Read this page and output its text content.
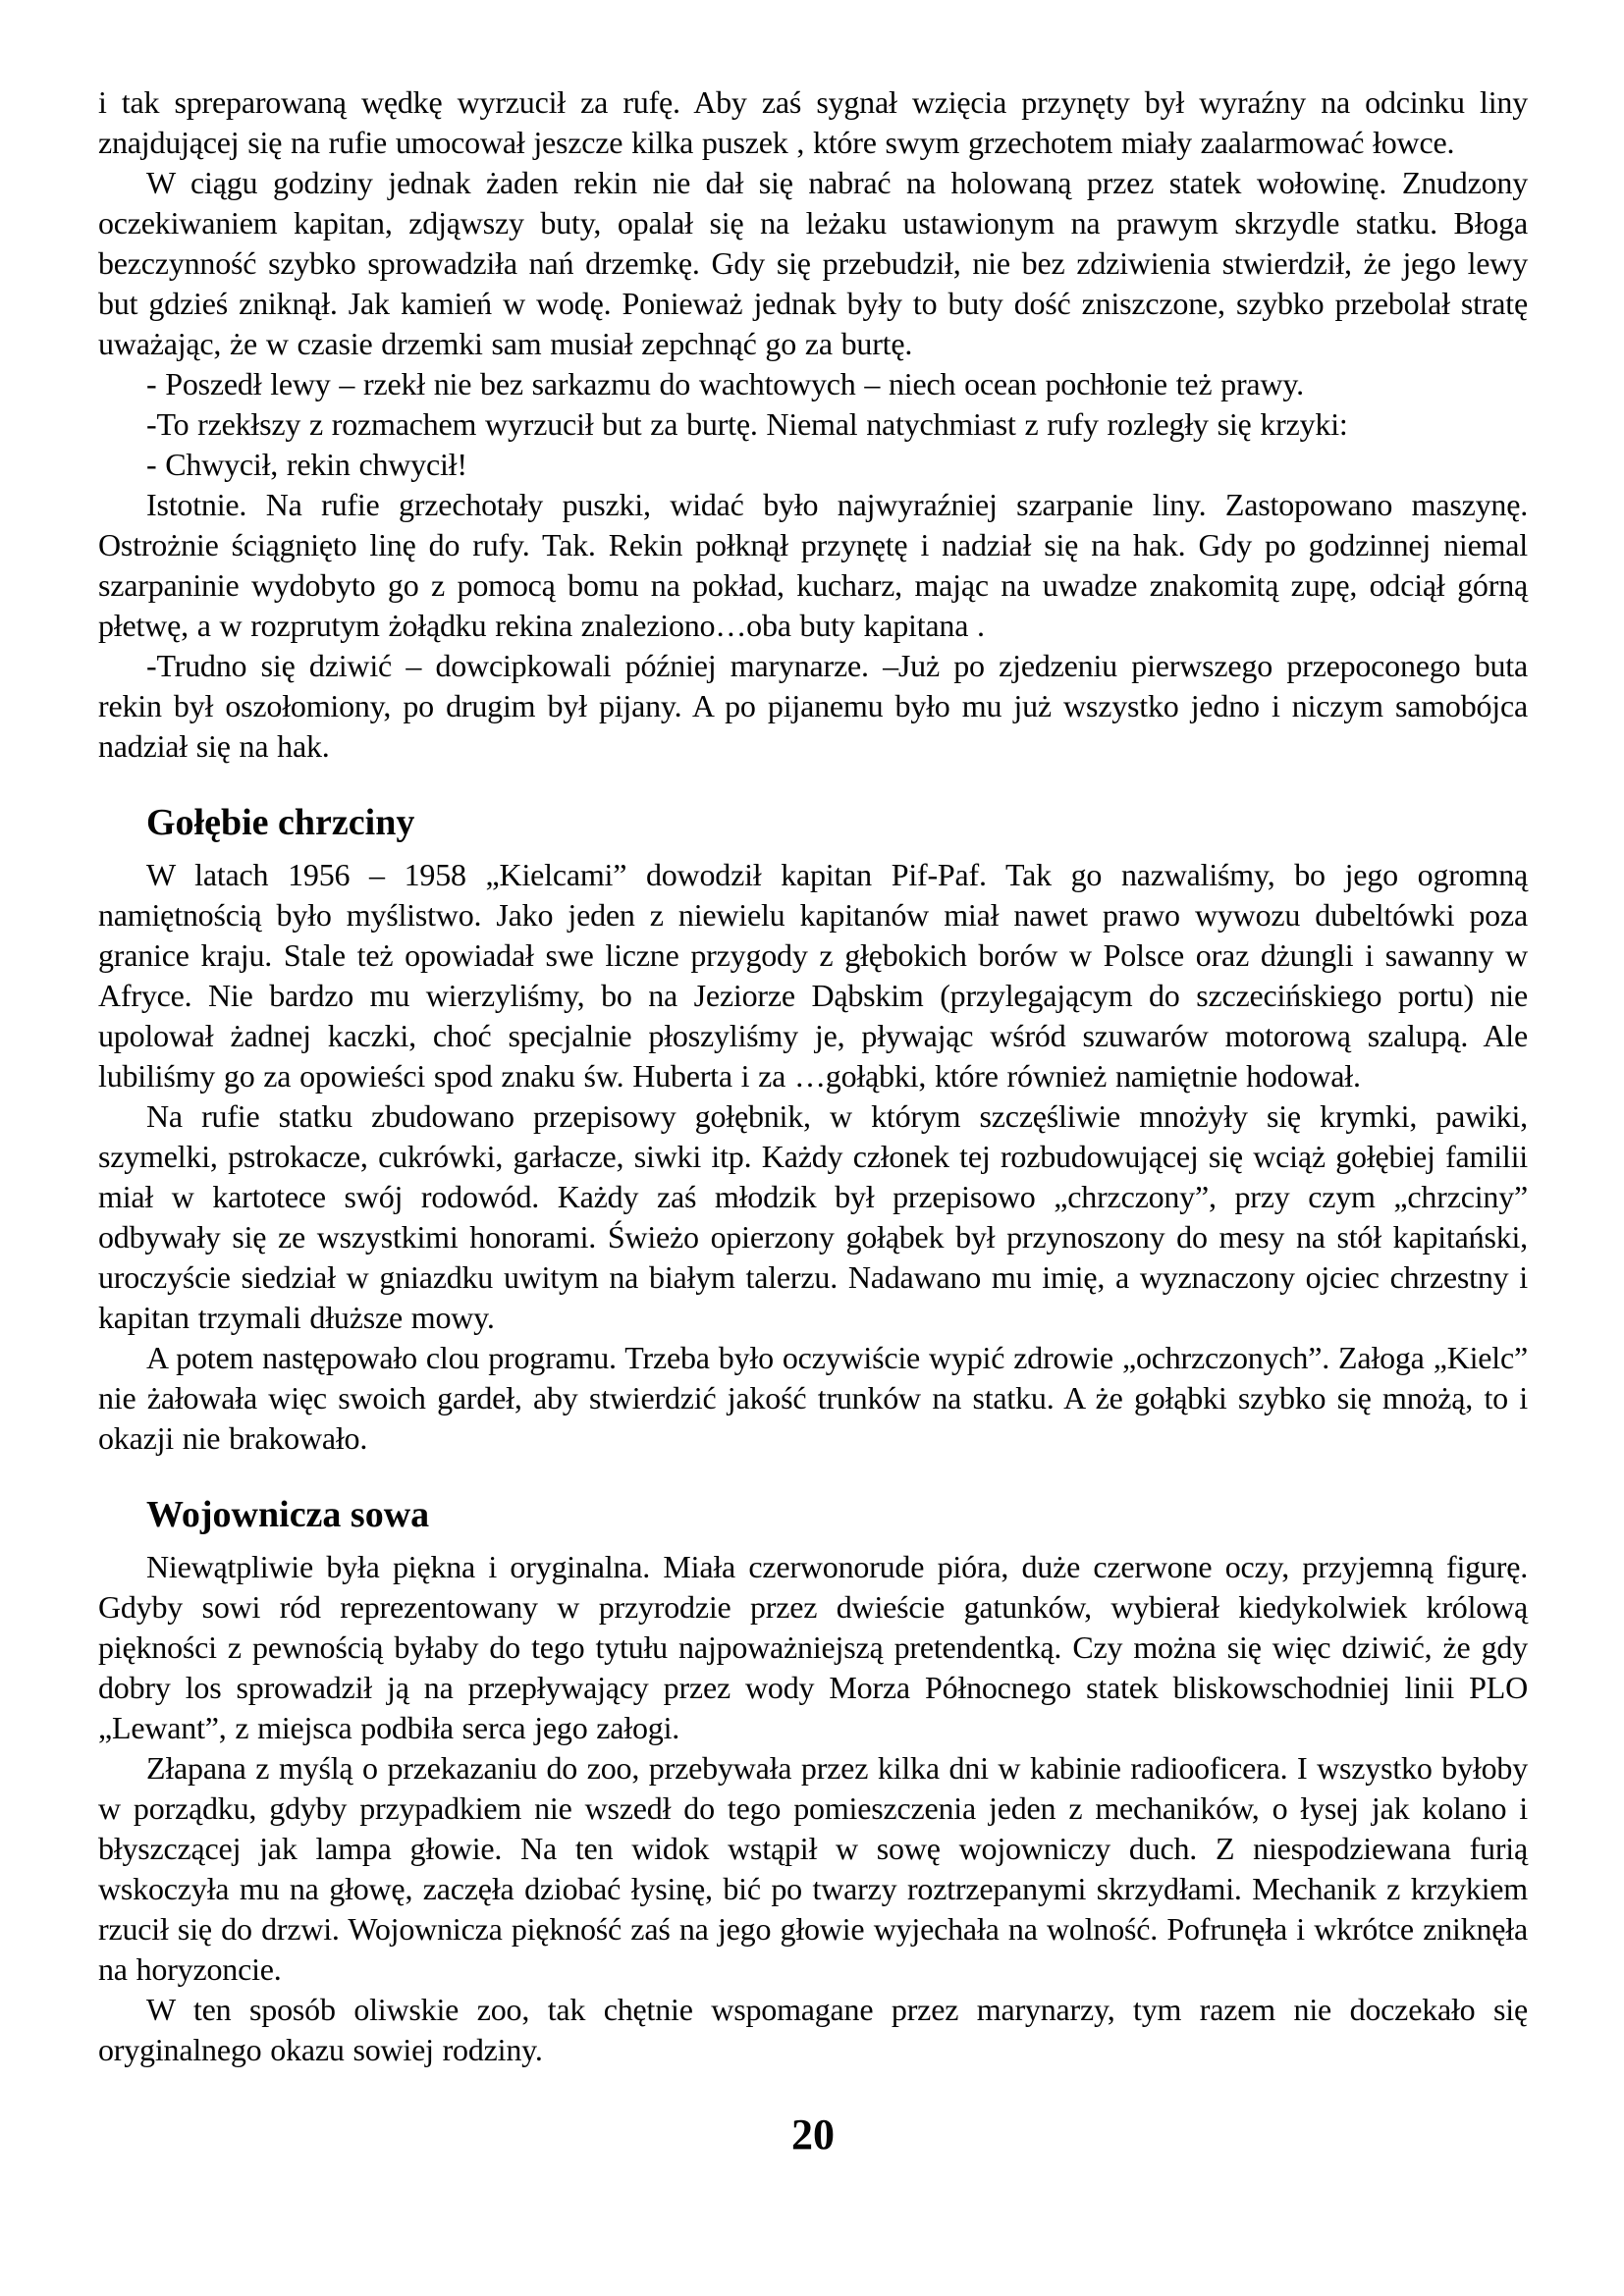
i tak spreparowaną wędkę wyrzucił za rufę. Aby zaś sygnał wzięcia przynęty był wyraźny na odcinku liny znajdującej się na rufie umocował jeszcze kilka puszek , które swym grzechotem miały zaalarmować łowce.

W ciągu godziny jednak żaden rekin nie dał się nabrać na holowaną przez statek wołowinę. Znudzony oczekiwaniem kapitan, zdjąwszy buty, opalał się na leżaku ustawionym na prawym skrzydle statku. Błoga bezczynność szybko sprowadziła nań drzemkę. Gdy się przebudził, nie bez zdziwienia stwierdził, że jego lewy but gdzieś zniknął. Jak kamień w wodę. Ponieważ jednak były to buty dość zniszczone, szybko przebolał stratę uważając, że w czasie drzemki sam musiał zepchnąć go za burtę.

- Poszedł lewy – rzekł nie bez sarkazmu do wachtowych – niech ocean pochłonie też prawy.

-To rzekłszy z rozmachem wyrzucił but za burtę. Niemal natychmiast z rufy rozległy się krzyki:

- Chwycił, rekin chwycił!

Istotnie. Na rufie grzechotały puszki, widać było najwyraźniej szarpanie liny. Zastopowano maszynę. Ostrożnie ściągnięto linę do rufy. Tak. Rekin połknął przynętę i nadział się na hak. Gdy po godzinnej niemal szarpaninie wydobyto go z pomocą bomu na pokład, kucharz, mając na uwadze znakomitą zupę, odciął górną płetwę, a w rozprutym żołądku rekina znaleziono…oba buty kapitana .

-Trudno się dziwić – dowcipkowali później marynarze. –Już po zjedzeniu pierwszego przepoconego buta rekin był oszołomiony, po drugim był pijany. A po pijanemu było mu już wszystko jedno i niczym samobójca nadział się na hak.

Gołębie chrzciny

W latach 1956 – 1958 „Kielcami” dowodził kapitan Pif-Paf. Tak go nazwaliśmy, bo jego ogromną namiętnością było myślistwo. Jako jeden z niewielu kapitanów miał nawet prawo wywozu dubeltówki poza granice kraju. Stale też opowiadał swe liczne przygody z głębokich borów w Polsce oraz dżungli i sawanny w Afryce. Nie bardzo mu wierzyliśmy, bo na Jeziorze Dąbskim (przylegającym do szczecińskiego portu) nie upolował żadnej kaczki, choć specjalnie płoszyliśmy je, pływając wśród szuwarów motorową szalupą. Ale lubiliśmy go za opowieści spod znaku św. Huberta i za …gołąbki, które również namiętnie hodował.

Na rufie statku zbudowano przepisowy gołębnik, w którym szczęśliwie mnożyły się krymki, pawiki, szymelki, pstrokacze, cukrówki, garłacze, siwki itp. Każdy członek tej rozbudowującej się wciąż gołębiej familii miał w kartotece swój rodowód. Każdy zaś młodzik był przepisowo „chrzczony”, przy czym „chrzciny” odbywały się ze wszystkimi honorami. Świeżo opierzony gołąbek był przynoszony do mesy na stół kapitański, uroczyście siedział w gniazdku uwitym na białym talerzu. Nadawano mu imię, a wyznaczony ojciec chrzestny i kapitan trzymali dłuższe mowy.

A potem następowało clou programu. Trzeba było oczywiście wypić zdrowie „ochrzczonych”. Załoga „Kielc” nie żałowała więc swoich gardeł, aby stwierdzić jakość trunków na statku. A że gołąbki szybko się mnożą, to i okazji nie brakowało.

Wojownicza sowa

Niewątpliwie była piękna i oryginalna. Miała czerwonorude pióra, duże czerwone oczy, przyjemną figurę. Gdyby sowi ród reprezentowany w przyrodzie przez dwieście gatunków, wybierał kiedykolwiek królową piękności z pewnością byłaby do tego tytułu najpoważniejszą pretendentką. Czy można się więc dziwić, że gdy dobry los sprowadził ją na przepływający przez wody Morza Północnego statek bliskowschodniej linii PLO „Lewant”, z miejsca podbiła serca jego załogi.

Złapana z myślą o przekazaniu do zoo, przebywała przez kilka dni w kabinie radiooficera. I wszystko byłoby w porządku, gdyby przypadkiem nie wszedł do tego pomieszczenia jeden z mechaników, o łysej jak kolano i błyszczącej jak lampa głowie. Na ten widok wstąpił w sowę wojowniczy duch. Z niespodziewana furią wskoczyła mu na głowę, zaczęła dziobać łysinę, bić po twarzy roztrzepanymi skrzydłami. Mechanik z krzykiem rzucił się do drzwi. Wojownicza piękność zaś na jego głowie wyjechała na wolność. Pofrunęła i wkrótce zniknęła na horyzoncie.

W ten sposób oliwskie zoo, tak chętnie wspomagane przez marynarzy, tym razem nie doczekało się oryginalnego okazu sowiej rodziny.

20
